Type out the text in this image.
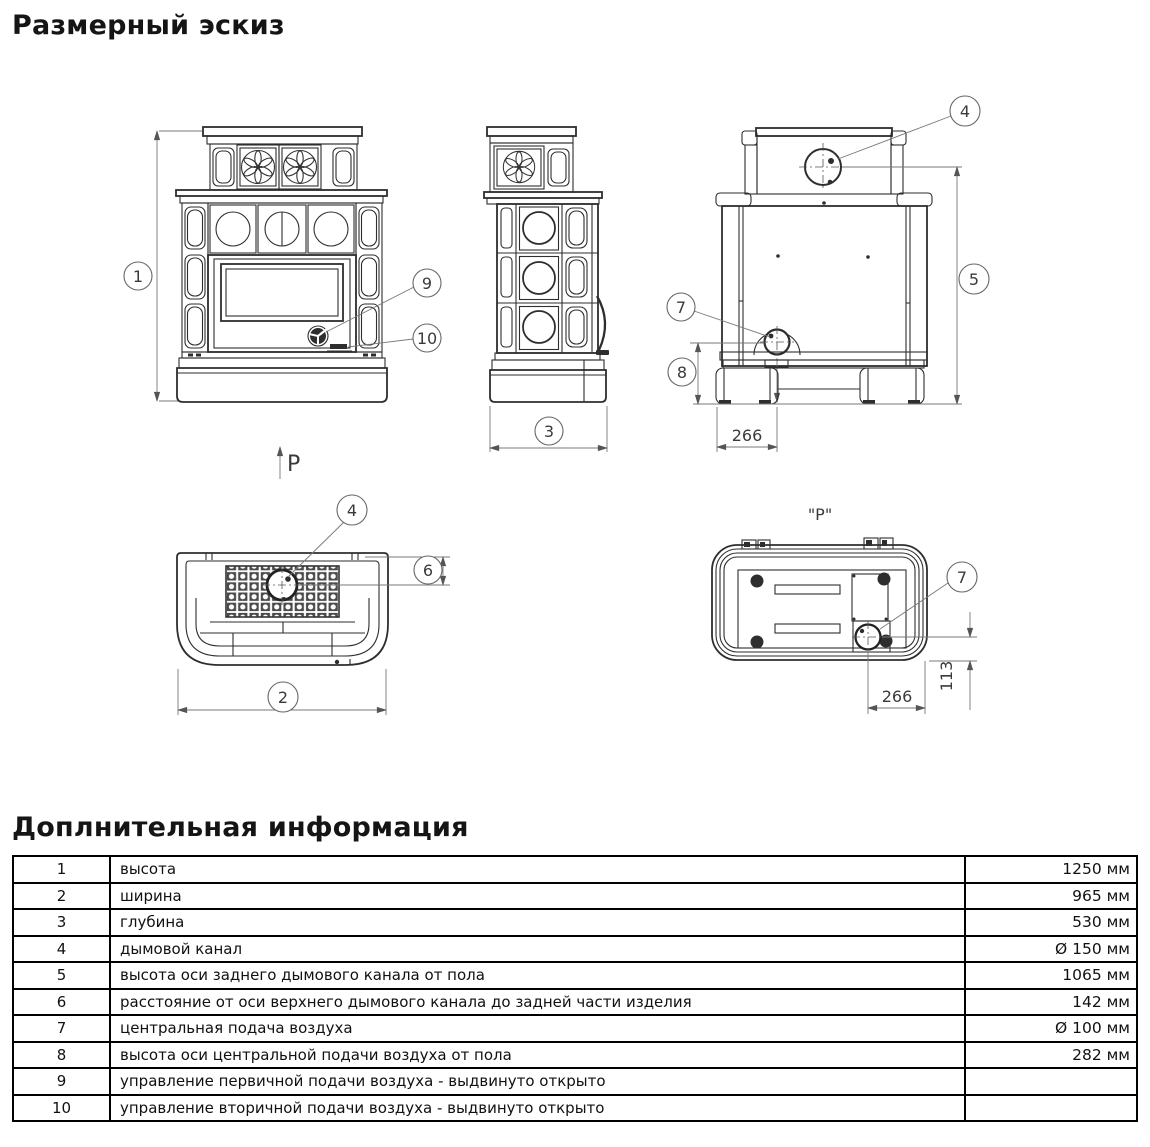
Размерный эскиз
1	9
10
P
3
4
5
8
7
266
4
6
2
"P"
7
266
113
Доплнительная информация
1	высота	1250 мм
2	ширина	965 мм
3	глубина	530 мм
4	дымовой канал	Ø 150 мм
5	высота оси заднего дымового канала от пола	1065 мм
6	расстояние от оси верхнего дымового канала до задней части изделия	142 мм
7	центральная подача воздуха	Ø 100 мм
8	высота оси центральной подачи воздуха от пола	282 мм
9	управление первичной подачи воздуха - выдвинуто открыто	
10	управление вторичной подачи воздуха - выдвинуто открыто	
